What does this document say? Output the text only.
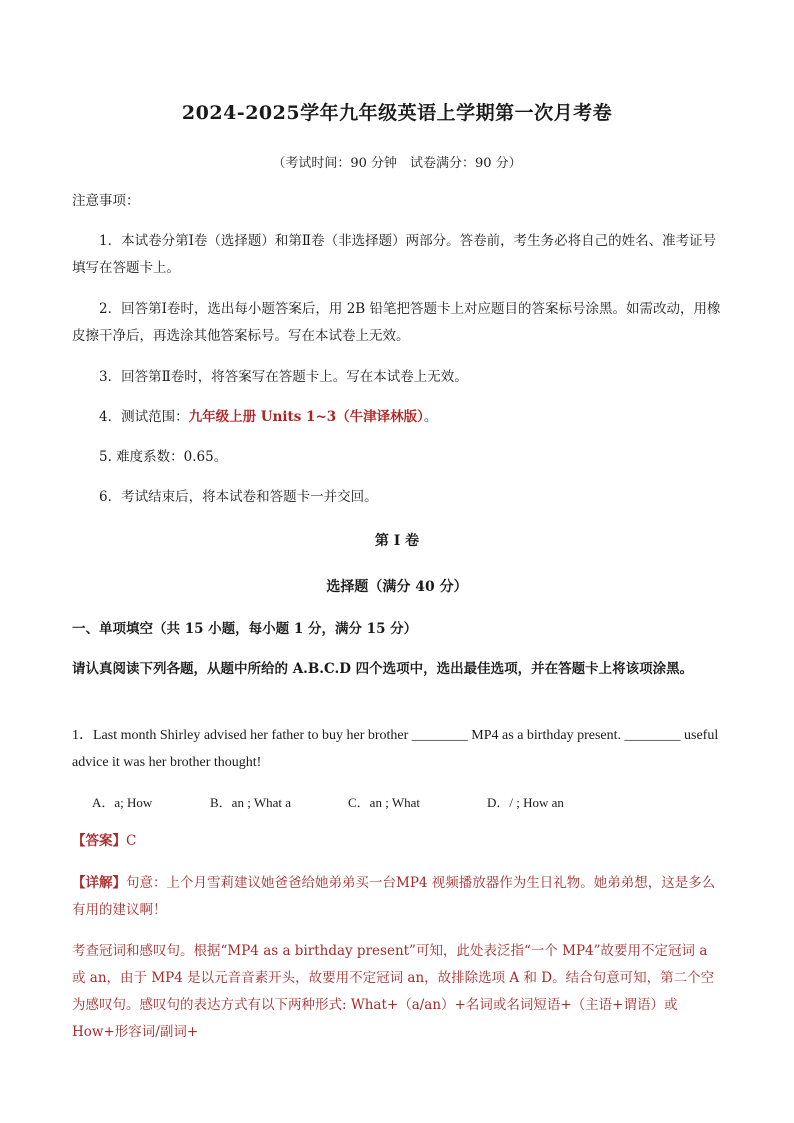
2024-2025学年九年级英语上学期第一次月考卷
（考试时间：90 分钟　试卷满分：90 分）
注意事项：
1．本试卷分第Ⅰ卷（选择题）和第Ⅱ卷（非选择题）两部分。答卷前，考生务必将自己的姓名、准考证号填写在答题卡上。
2．回答第Ⅰ卷时，选出每小题答案后，用 2B 铅笔把答题卡上对应题目的答案标号涂黑。如需改动，用橡皮擦干净后，再选涂其他答案标号。写在本试卷上无效。
3．回答第Ⅱ卷时，将答案写在答题卡上。写在本试卷上无效。
4．测试范围：九年级上册 Units 1~3（牛津译林版）。
5. 难度系数：0.65。
6．考试结束后，将本试卷和答题卡一并交回。
第 I 卷
选择题（满分 40 分）
一、单项填空（共 15 小题，每小题 1 分，满分 15 分）
请认真阅读下列各题，从题中所给的 A.B.C.D 四个选项中，选出最佳选项，并在答题卡上将该项涂黑。
1．Last month Shirley advised her father to buy her brother ________ MP4 as a birthday present. ________ useful advice it was her brother thought!
A．a; How	B．an ; What a	C．an ; What	D．/ ; How an
【答案】C
【详解】句意：上个月雪莉建议她爸爸给她弟弟买一台MP4 视频播放器作为生日礼物。她弟弟想，这是多么有用的建议啊！
考查冠词和感叹句。根据“MP4 as a birthday present”可知，此处表泛指“一个 MP4”故要用不定冠词 a 或 an，由于 MP4 是以元音音素开头，故要用不定冠词 an，故排除选项 A 和 D。结合句意可知，第二个空为感叹句。感叹句的表达方式有以下两种形式: What+（a/an）+名词或名词短语+（主语+谓语）或 How+形容词/副词+
